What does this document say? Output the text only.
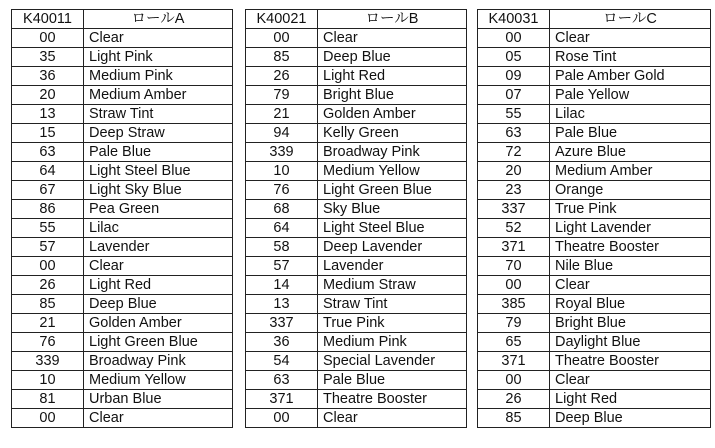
K40011	ロールA
00	Clear
35	Light Pink
36	Medium Pink
20	Medium Amber
13	Straw Tint
15	Deep Straw
63	Pale Blue
64	Light Steel Blue
67	Light Sky Blue
86	Pea Green
55	Lilac
57	Lavender
00	Clear
26	Light Red
85	Deep Blue
21	Golden Amber
76	Light Green Blue
339	Broadway Pink
10	Medium Yellow
81	Urban Blue
00	Clear
K40021	ロールB
00	Clear
85	Deep Blue
26	Light Red
79	Bright Blue
21	Golden Amber
94	Kelly Green
339	Broadway Pink
10	Medium Yellow
76	Light Green Blue
68	Sky Blue
64	Light Steel Blue
58	Deep Lavender
57	Lavender
14	Medium Straw
13	Straw Tint
337	True Pink
36	Medium Pink
54	Special Lavender
63	Pale Blue
371	Theatre Booster
00	Clear
K40031	ロールC
00	Clear
05	Rose Tint
09	Pale Amber Gold
07	Pale Yellow
55	Lilac
63	Pale Blue
72	Azure Blue
20	Medium Amber
23	Orange
337	True Pink
52	Light Lavender
371	Theatre Booster
70	Nile Blue
00	Clear
385	Royal Blue
79	Bright Blue
65	Daylight Blue
371	Theatre Booster
00	Clear
26	Light Red
85	Deep Blue
